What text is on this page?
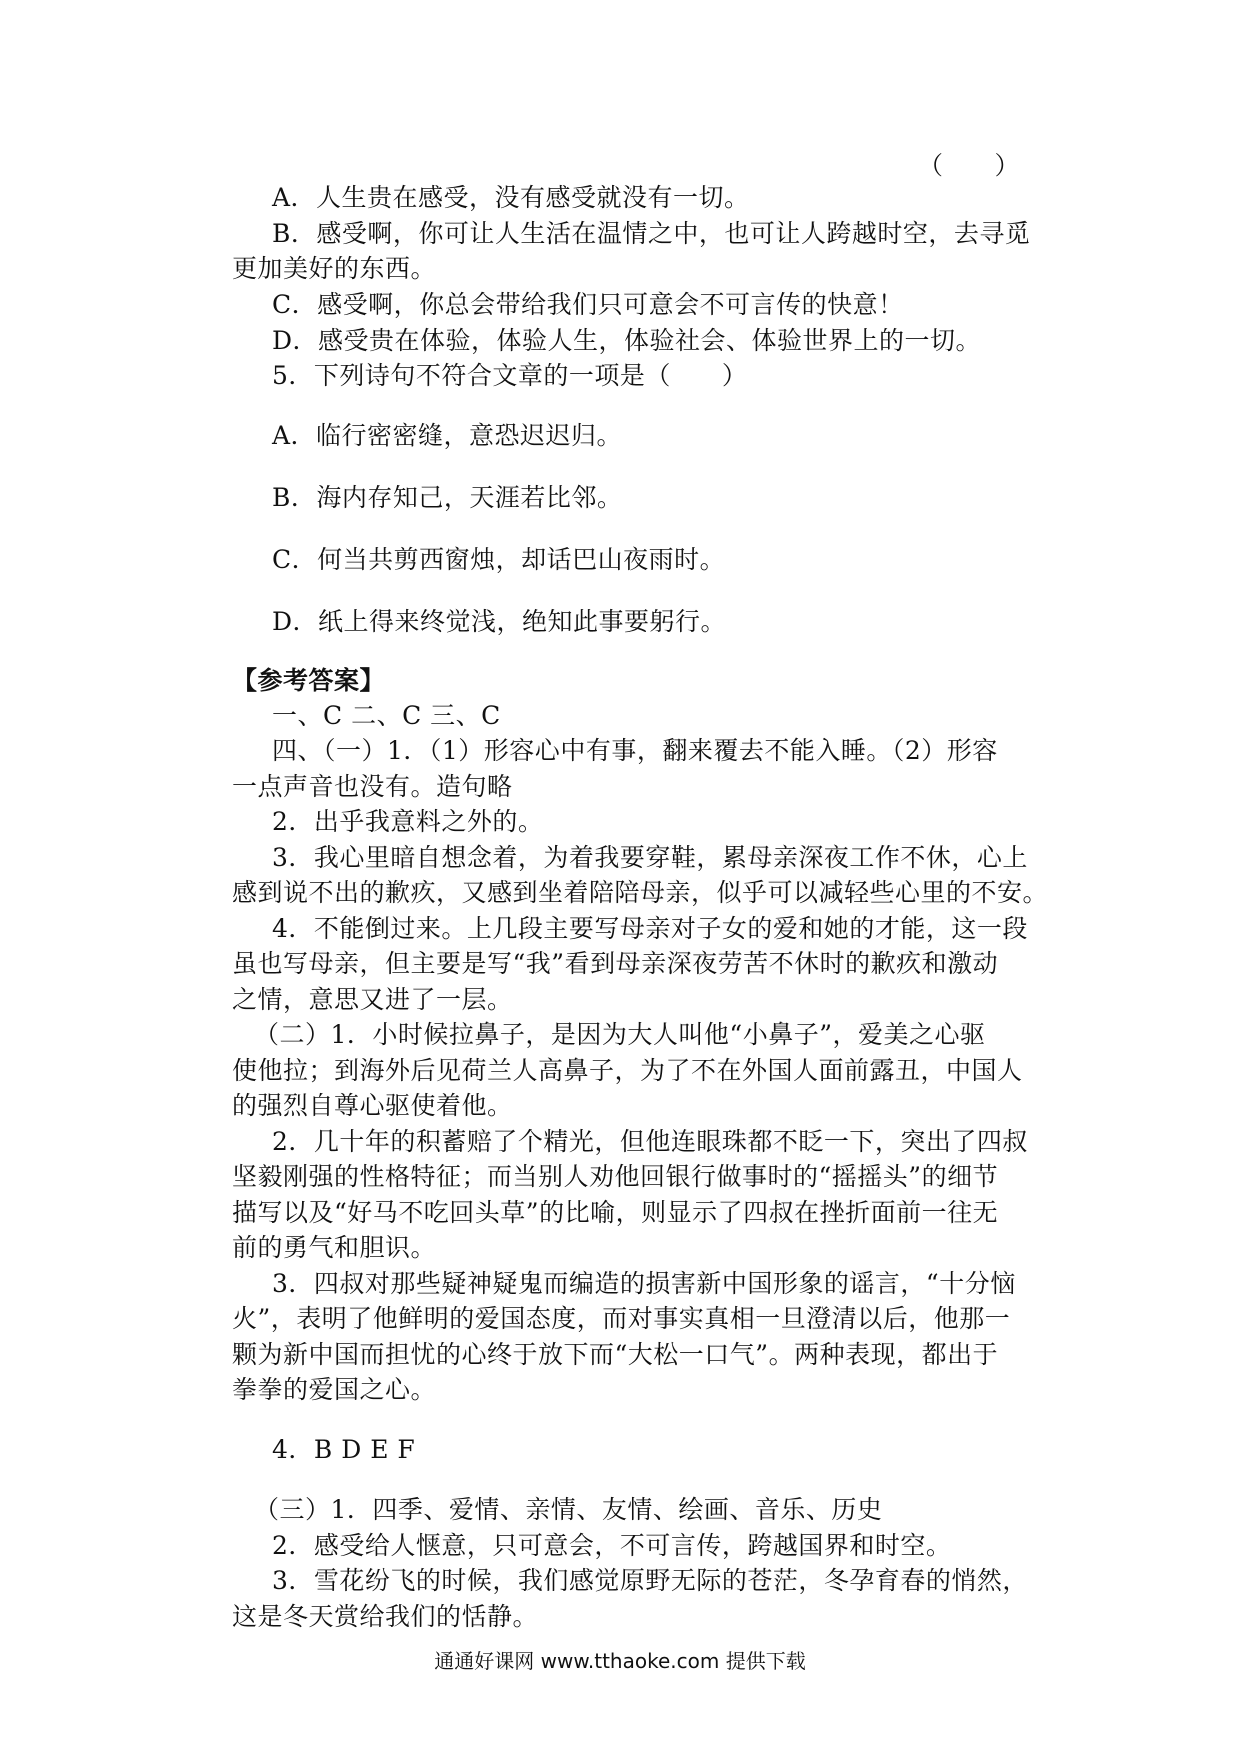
（　　）
A．人生贵在感受，没有感受就没有一切。
B．感受啊，你可让人生活在温情之中，也可让人跨越时空，去寻觅
更加美好的东西。
C．感受啊，你总会带给我们只可意会不可言传的快意！
D．感受贵在体验，体验人生，体验社会、体验世界上的一切。
5．下列诗句不符合文章的一项是（　　）
A．临行密密缝，意恐迟迟归。
B．海内存知己，天涯若比邻。
C．何当共剪西窗烛，却话巴山夜雨时。
D．纸上得来终觉浅，绝知此事要躬行。
【参考答案】
一、C 二、C 三、C
四、（一）1．（1）形容心中有事，翻来覆去不能入睡。（2）形容
一点声音也没有。造句略
2．出乎我意料之外的。
3．我心里暗自想念着，为着我要穿鞋，累母亲深夜工作不休，心上
感到说不出的歉疚，又感到坐着陪陪母亲，似乎可以减轻些心里的不安。
4．不能倒过来。上几段主要写母亲对子女的爱和她的才能，这一段
虽也写母亲，但主要是写“我”看到母亲深夜劳苦不休时的歉疚和激动
之情，意思又进了一层。
（二）1．小时候拉鼻子，是因为大人叫他“小鼻子”，爱美之心驱
使他拉；到海外后见荷兰人高鼻子，为了不在外国人面前露丑，中国人
的强烈自尊心驱使着他。
2．几十年的积蓄赔了个精光，但他连眼珠都不眨一下，突出了四叔
坚毅刚强的性格特征；而当别人劝他回银行做事时的“摇摇头”的细节
描写以及“好马不吃回头草”的比喻，则显示了四叔在挫折面前一往无
前的勇气和胆识。
3．四叔对那些疑神疑鬼而编造的损害新中国形象的谣言，“十分恼
火”，表明了他鲜明的爱国态度，而对事实真相一旦澄清以后，他那一
颗为新中国而担忧的心终于放下而“大松一口气”。两种表现，都出于
拳拳的爱国之心。
4．B D E F
（三）1．四季、爱情、亲情、友情、绘画、音乐、历史
2．感受给人惬意，只可意会，不可言传，跨越国界和时空。
3．雪花纷飞的时候，我们感觉原野无际的苍茫，冬孕育春的悄然，
这是冬天赏给我们的恬静。
通通好课网 www.tthaoke.com 提供下载
